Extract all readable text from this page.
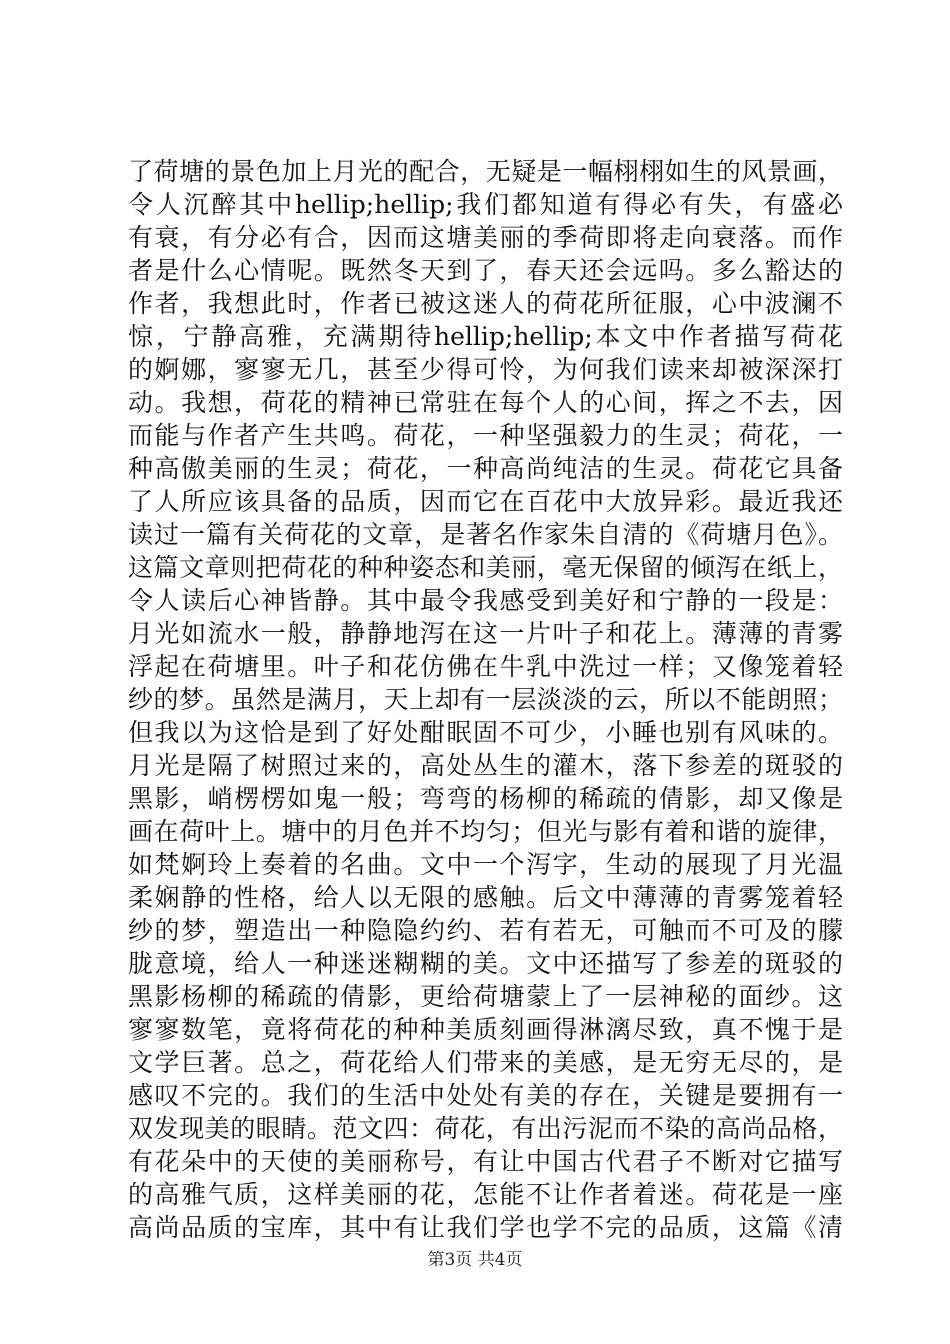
了荷塘的景色加上月光的配合，无疑是一幅栩栩如生的风景画，
令人沉醉其中hellip;hellip;我们都知道有得必有失，有盛必
有衰，有分必有合，因而这塘美丽的季荷即将走向衰落。而作
者是什么心情呢。既然冬天到了，春天还会远吗。多么豁达的
作者，我想此时，作者已被这迷人的荷花所征服，心中波澜不
惊，宁静高雅，充满期待hellip;hellip;本文中作者描写荷花
的婀娜，寥寥无几，甚至少得可怜，为何我们读来却被深深打
动。我想，荷花的精神已常驻在每个人的心间，挥之不去，因
而能与作者产生共鸣。荷花，一种坚强毅力的生灵；荷花，一
种高傲美丽的生灵；荷花，一种高尚纯洁的生灵。荷花它具备
了人所应该具备的品质，因而它在百花中大放异彩。最近我还
读过一篇有关荷花的文章，是著名作家朱自清的《荷塘月色》。
这篇文章则把荷花的种种姿态和美丽，毫无保留的倾泻在纸上，
令人读后心神皆静。其中最令我感受到美好和宁静的一段是：
月光如流水一般，静静地泻在这一片叶子和花上。薄薄的青雾
浮起在荷塘里。叶子和花仿佛在牛乳中洗过一样；又像笼着轻
纱的梦。虽然是满月，天上却有一层淡淡的云，所以不能朗照；
但我以为这恰是到了好处酣眠固不可少，小睡也别有风味的。
月光是隔了树照过来的，高处丛生的灌木，落下参差的斑驳的
黑影，峭楞楞如鬼一般；弯弯的杨柳的稀疏的倩影，却又像是
画在荷叶上。塘中的月色并不均匀；但光与影有着和谐的旋律，
如梵婀玲上奏着的名曲。文中一个泻字，生动的展现了月光温
柔娴静的性格，给人以无限的感触。后文中薄薄的青雾笼着轻
纱的梦，塑造出一种隐隐约约、若有若无，可触而不可及的朦
胧意境，给人一种迷迷糊糊的美。文中还描写了参差的斑驳的
黑影杨柳的稀疏的倩影，更给荷塘蒙上了一层神秘的面纱。这
寥寥数笔，竟将荷花的种种美质刻画得淋漓尽致，真不愧于是
文学巨著。总之，荷花给人们带来的美感，是无穷无尽的，是
感叹不完的。我们的生活中处处有美的存在，关键是要拥有一
双发现美的眼睛。范文四：荷花，有出污泥而不染的高尚品格，
有花朵中的天使的美丽称号，有让中国古代君子不断对它描写
的高雅气质，这样美丽的花，怎能不让作者着迷。荷花是一座
高尚品质的宝库，其中有让我们学也学不完的品质，这篇《清
第3页 共4页
